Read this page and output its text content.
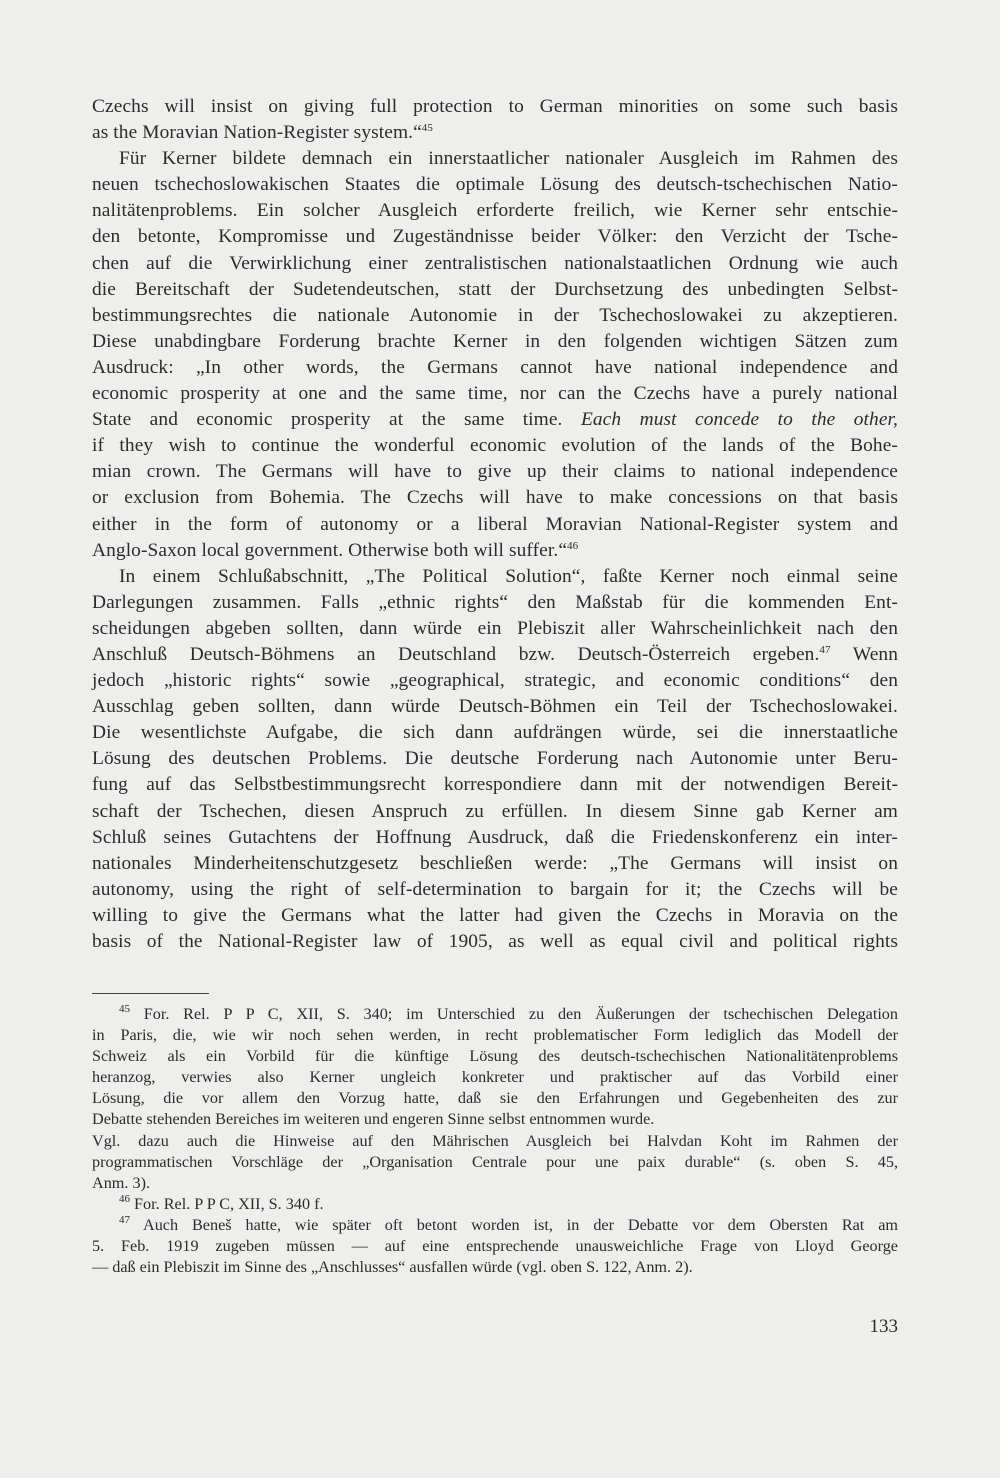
Czechs will insist on giving full protection to German minorities on some such basis
as the Moravian Nation-Register system.“$^{45}$
Für Kerner bildete demnach ein innerstaatlicher nationaler Ausgleich im Rahmen des
neuen tschechoslowakischen Staates die optimale Lösung des deutsch-tschechischen Natio-
nalitätenproblems. Ein solcher Ausgleich erforderte freilich, wie Kerner sehr entschie-
den betonte, Kompromisse und Zugeständnisse beider Völker: den Verzicht der Tsche-
chen auf die Verwirklichung einer zentralistischen nationalstaatlichen Ordnung wie auch
die Bereitschaft der Sudetendeutschen, statt der Durchsetzung des unbedingten Selbst-
bestimmungsrechtes die nationale Autonomie in der Tschechoslowakei zu akzeptieren.
Diese unabdingbare Forderung brachte Kerner in den folgenden wichtigen Sätzen zum
Ausdruck: „In other words, the Germans cannot have national independence and
economic prosperity at one and the same time, nor can the Czechs have a purely national
State and economic prosperity at the same time. Each must concede to the other,
if they wish to continue the wonderful economic evolution of the lands of the Bohe-
mian crown. The Germans will have to give up their claims to national independence
or exclusion from Bohemia. The Czechs will have to make concessions on that basis
either in the form of autonomy or a liberal Moravian National-Register system and
Anglo-Saxon local government. Otherwise both will suffer.“$^{46}$
In einem Schlußabschnitt, „The Political Solution“, faßte Kerner noch einmal seine
Darlegungen zusammen. Falls „ethnic rights“ den Maßstab für die kommenden Ent-
scheidungen abgeben sollten, dann würde ein Plebiszit aller Wahrscheinlichkeit nach den
Anschluß Deutsch-Böhmens an Deutschland bzw. Deutsch-Österreich ergeben.$^{47}$ Wenn
jedoch „historic rights“ sowie „geographical, strategic, and economic conditions“ den
Ausschlag geben sollten, dann würde Deutsch-Böhmen ein Teil der Tschechoslowakei.
Die wesentlichste Aufgabe, die sich dann aufdrängen würde, sei die innerstaatliche
Lösung des deutschen Problems. Die deutsche Forderung nach Autonomie unter Beru-
fung auf das Selbstbestimmungsrecht korrespondiere dann mit der notwendigen Bereit-
schaft der Tschechen, diesen Anspruch zu erfüllen. In diesem Sinne gab Kerner am
Schluß seines Gutachtens der Hoffnung Ausdruck, daß die Friedenskonferenz ein inter-
nationales Minderheitenschutzgesetz beschließen werde: „The Germans will insist on
autonomy, using the right of self-determination to bargain for it; the Czechs will be
willing to give the Germans what the latter had given the Czechs in Moravia on the
basis of the National-Register law of 1905, as well as equal civil and political rights
$^{45}$ For. Rel. P P C, XII, S. 340; im Unterschied zu den Äußerungen der tschechischen Delegation
in Paris, die, wie wir noch sehen werden, in recht problematischer Form lediglich das Modell der
Schweiz als ein Vorbild für die künftige Lösung des deutsch-tschechischen Nationalitätenproblems
heranzog, verwies also Kerner ungleich konkreter und praktischer auf das Vorbild einer
Lösung, die vor allem den Vorzug hatte, daß sie den Erfahrungen und Gegebenheiten des zur
Debatte stehenden Bereiches im weiteren und engeren Sinne selbst entnommen wurde.
Vgl. dazu auch die Hinweise auf den Mährischen Ausgleich bei Halvdan Koht im Rahmen der
programmatischen Vorschläge der „Organisation Centrale pour une paix durable“ (s. oben S. 45,
Anm. 3).
$^{46}$ For. Rel. P P C, XII, S. 340 f.
$^{47}$ Auch Beneš hatte, wie später oft betont worden ist, in der Debatte vor dem Obersten Rat am
5. Feb. 1919 zugeben müssen — auf eine entsprechende unausweichliche Frage von Lloyd George
— daß ein Plebiszit im Sinne des „Anschlusses“ ausfallen würde (vgl. oben S. 122, Anm. 2).
133
